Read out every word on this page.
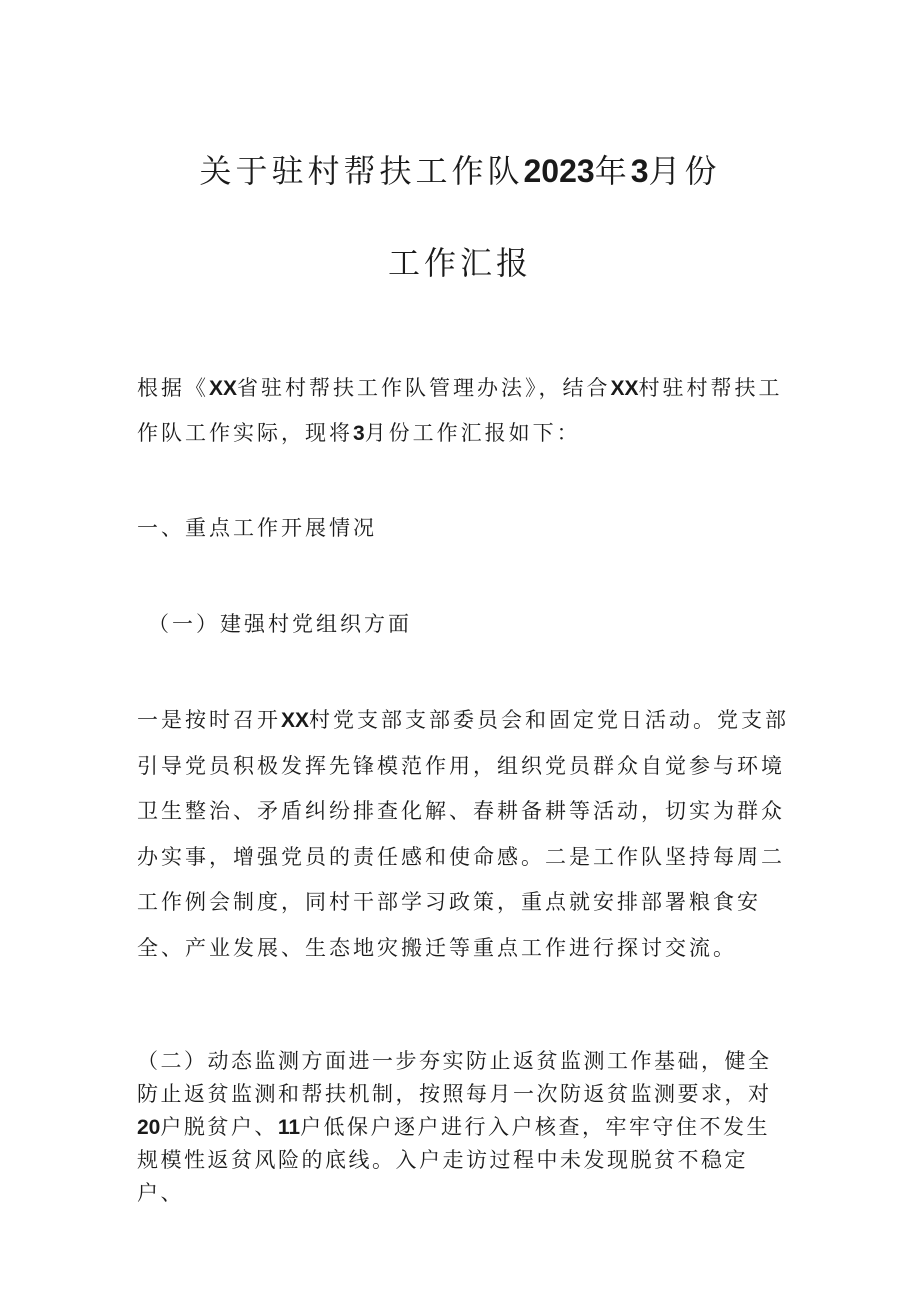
关于驻村帮扶工作队2023年3月份
工作汇报
根据《XX省驻村帮扶工作队管理办法》，结合XX村驻村帮扶工作队工作实际，现将3月份工作汇报如下：
一、重点工作开展情况
（一）建强村党组织方面
一是按时召开XX村党支部支部委员会和固定党日活动。党支部引导党员积极发挥先锋模范作用，组织党员群众自觉参与环境卫生整治、矛盾纠纷排查化解、春耕备耕等活动，切实为群众办实事，增强党员的责任感和使命感。二是工作队坚持每周二工作例会制度，同村干部学习政策，重点就安排部署粮食安全、产业发展、生态地灾搬迁等重点工作进行探讨交流。
（二）动态监测方面进一步夯实防止返贫监测工作基础，健全防止返贫监测和帮扶机制，按照每月一次防返贫监测要求，对20户脱贫户、11户低保户逐户进行入户核查，牢牢守住不发生规模性返贫风险的底线。入户走访过程中未发现脱贫不稳定户、
